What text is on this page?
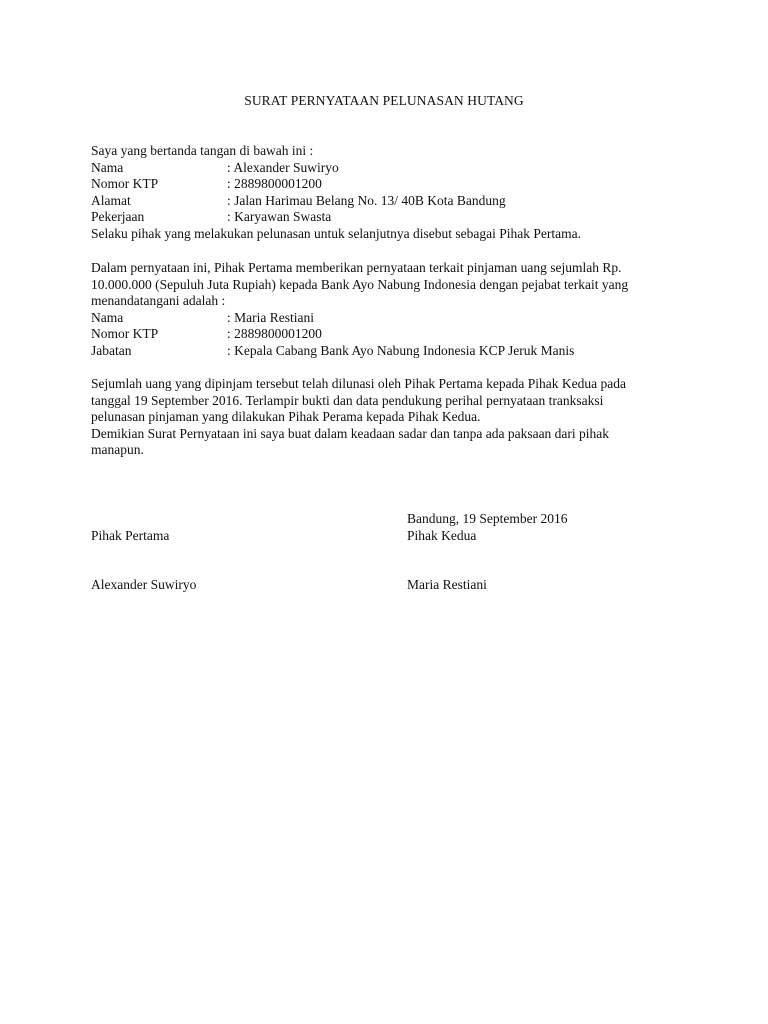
SURAT PERNYATAAN PELUNASAN HUTANG
Saya yang bertanda tangan di bawah ini :
Nama	: Alexander Suwiryo
Nomor KTP	: 2889800001200
Alamat	: Jalan Harimau Belang No. 13/ 40B Kota Bandung
Pekerjaan	: Karyawan Swasta
Selaku pihak yang melakukan pelunasan untuk selanjutnya disebut sebagai Pihak Pertama.
Dalam pernyataan ini, Pihak Pertama memberikan pernyataan terkait pinjaman uang sejumlah Rp.
10.000.000 (Sepuluh Juta Rupiah) kepada Bank Ayo Nabung Indonesia dengan pejabat terkait yang
menandatangani adalah :
Nama	: Maria Restiani
Nomor KTP	: 2889800001200
Jabatan	: Kepala Cabang Bank Ayo Nabung Indonesia KCP Jeruk Manis
Sejumlah uang yang dipinjam tersebut telah dilunasi oleh Pihak Pertama kepada Pihak Kedua pada
tanggal 19 September 2016. Terlampir bukti dan data pendukung perihal pernyataan tranksaksi
pelunasan pinjaman yang dilakukan Pihak Perama kepada Pihak Kedua.
Demikian Surat Pernyataan ini saya buat dalam keadaan sadar dan tanpa ada paksaan dari pihak
manapun.
Bandung, 19 September 2016
Pihak Pertama	Pihak Kedua
Alexander Suwiryo	Maria Restiani
